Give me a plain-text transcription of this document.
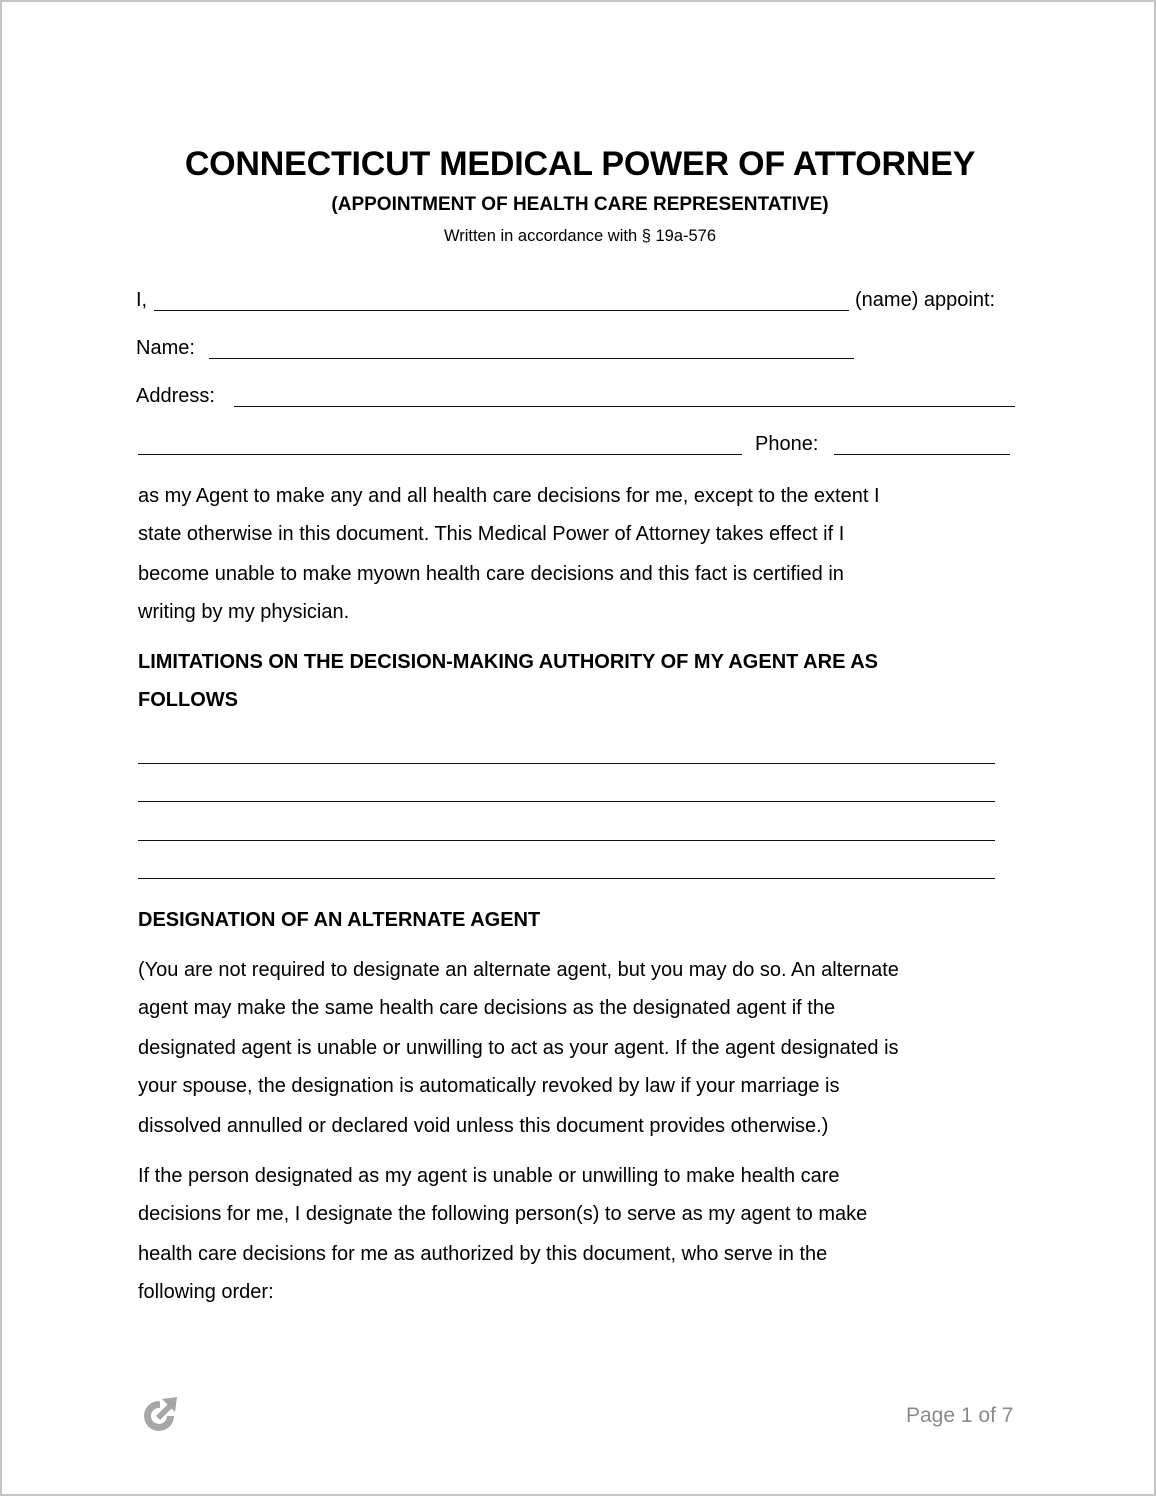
CONNECTICUT MEDICAL POWER OF ATTORNEY
(APPOINTMENT OF HEALTH CARE REPRESENTATIVE)
Written in accordance with § 19a-576
I,	(name) appoint:
Name:
Address:
Phone:
as my Agent to make any and all health care decisions for me, except to the extent I
state otherwise in this document. This Medical Power of Attorney takes effect if I
become unable to make myown health care decisions and this fact is certified in
writing by my physician.
LIMITATIONS ON THE DECISION-MAKING AUTHORITY OF MY AGENT ARE AS
FOLLOWS
DESIGNATION OF AN ALTERNATE AGENT
(You are not required to designate an alternate agent, but you may do so. An alternate
agent may make the same health care decisions as the designated agent if the
designated agent is unable or unwilling to act as your agent. If the agent designated is
your spouse, the designation is automatically revoked by law if your marriage is
dissolved annulled or declared void unless this document provides otherwise.)
If the person designated as my agent is unable or unwilling to make health care
decisions for me, I designate the following person(s) to serve as my agent to make
health care decisions for me as authorized by this document, who serve in the
following order:
Page 1 of 7
